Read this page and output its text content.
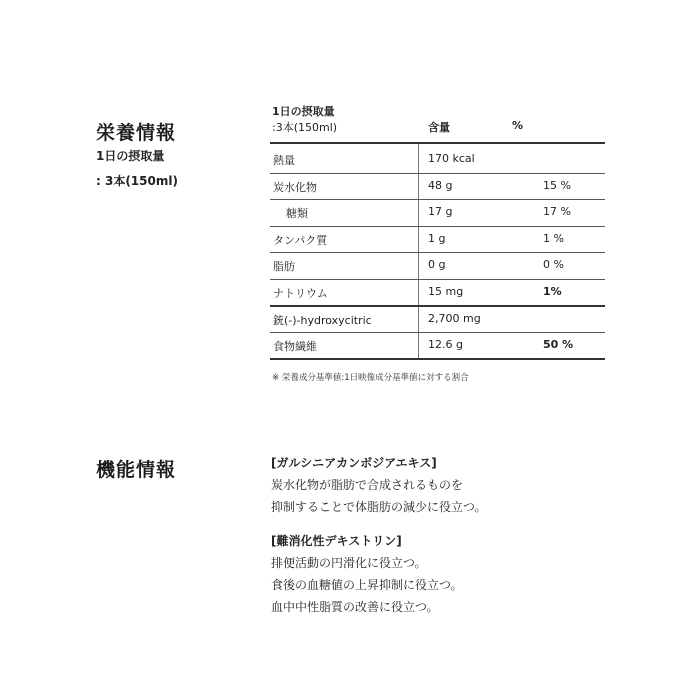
栄養情報
1日の摂取量
: 3本(150ml)
1日の摂取量
:3本(150ml)	含量	%
熱量	170 kcal
炭水化物	48 g	15 %
糖類	17 g	17 %
タンパク質	1 g	1 %
脂肪	0 g	0 %
ナトリウム	15 mg	1%
銃(-)-hydroxycitric	2,700 mg
食物繊維	12.6 g	50 %
※ 栄養成分基準値:1日映像成分基準値に対する割合
機能情報	[ガルシニアカンボジアエキス]
炭水化物が脂肪で合成されるものを
抑制することで体脂肪の減少に役立つ。
[難消化性デキストリン]
排便活動の円滑化に役立つ。
食後の血糖値の上昇抑制に役立つ。
血中中性脂質の改善に役立つ。
